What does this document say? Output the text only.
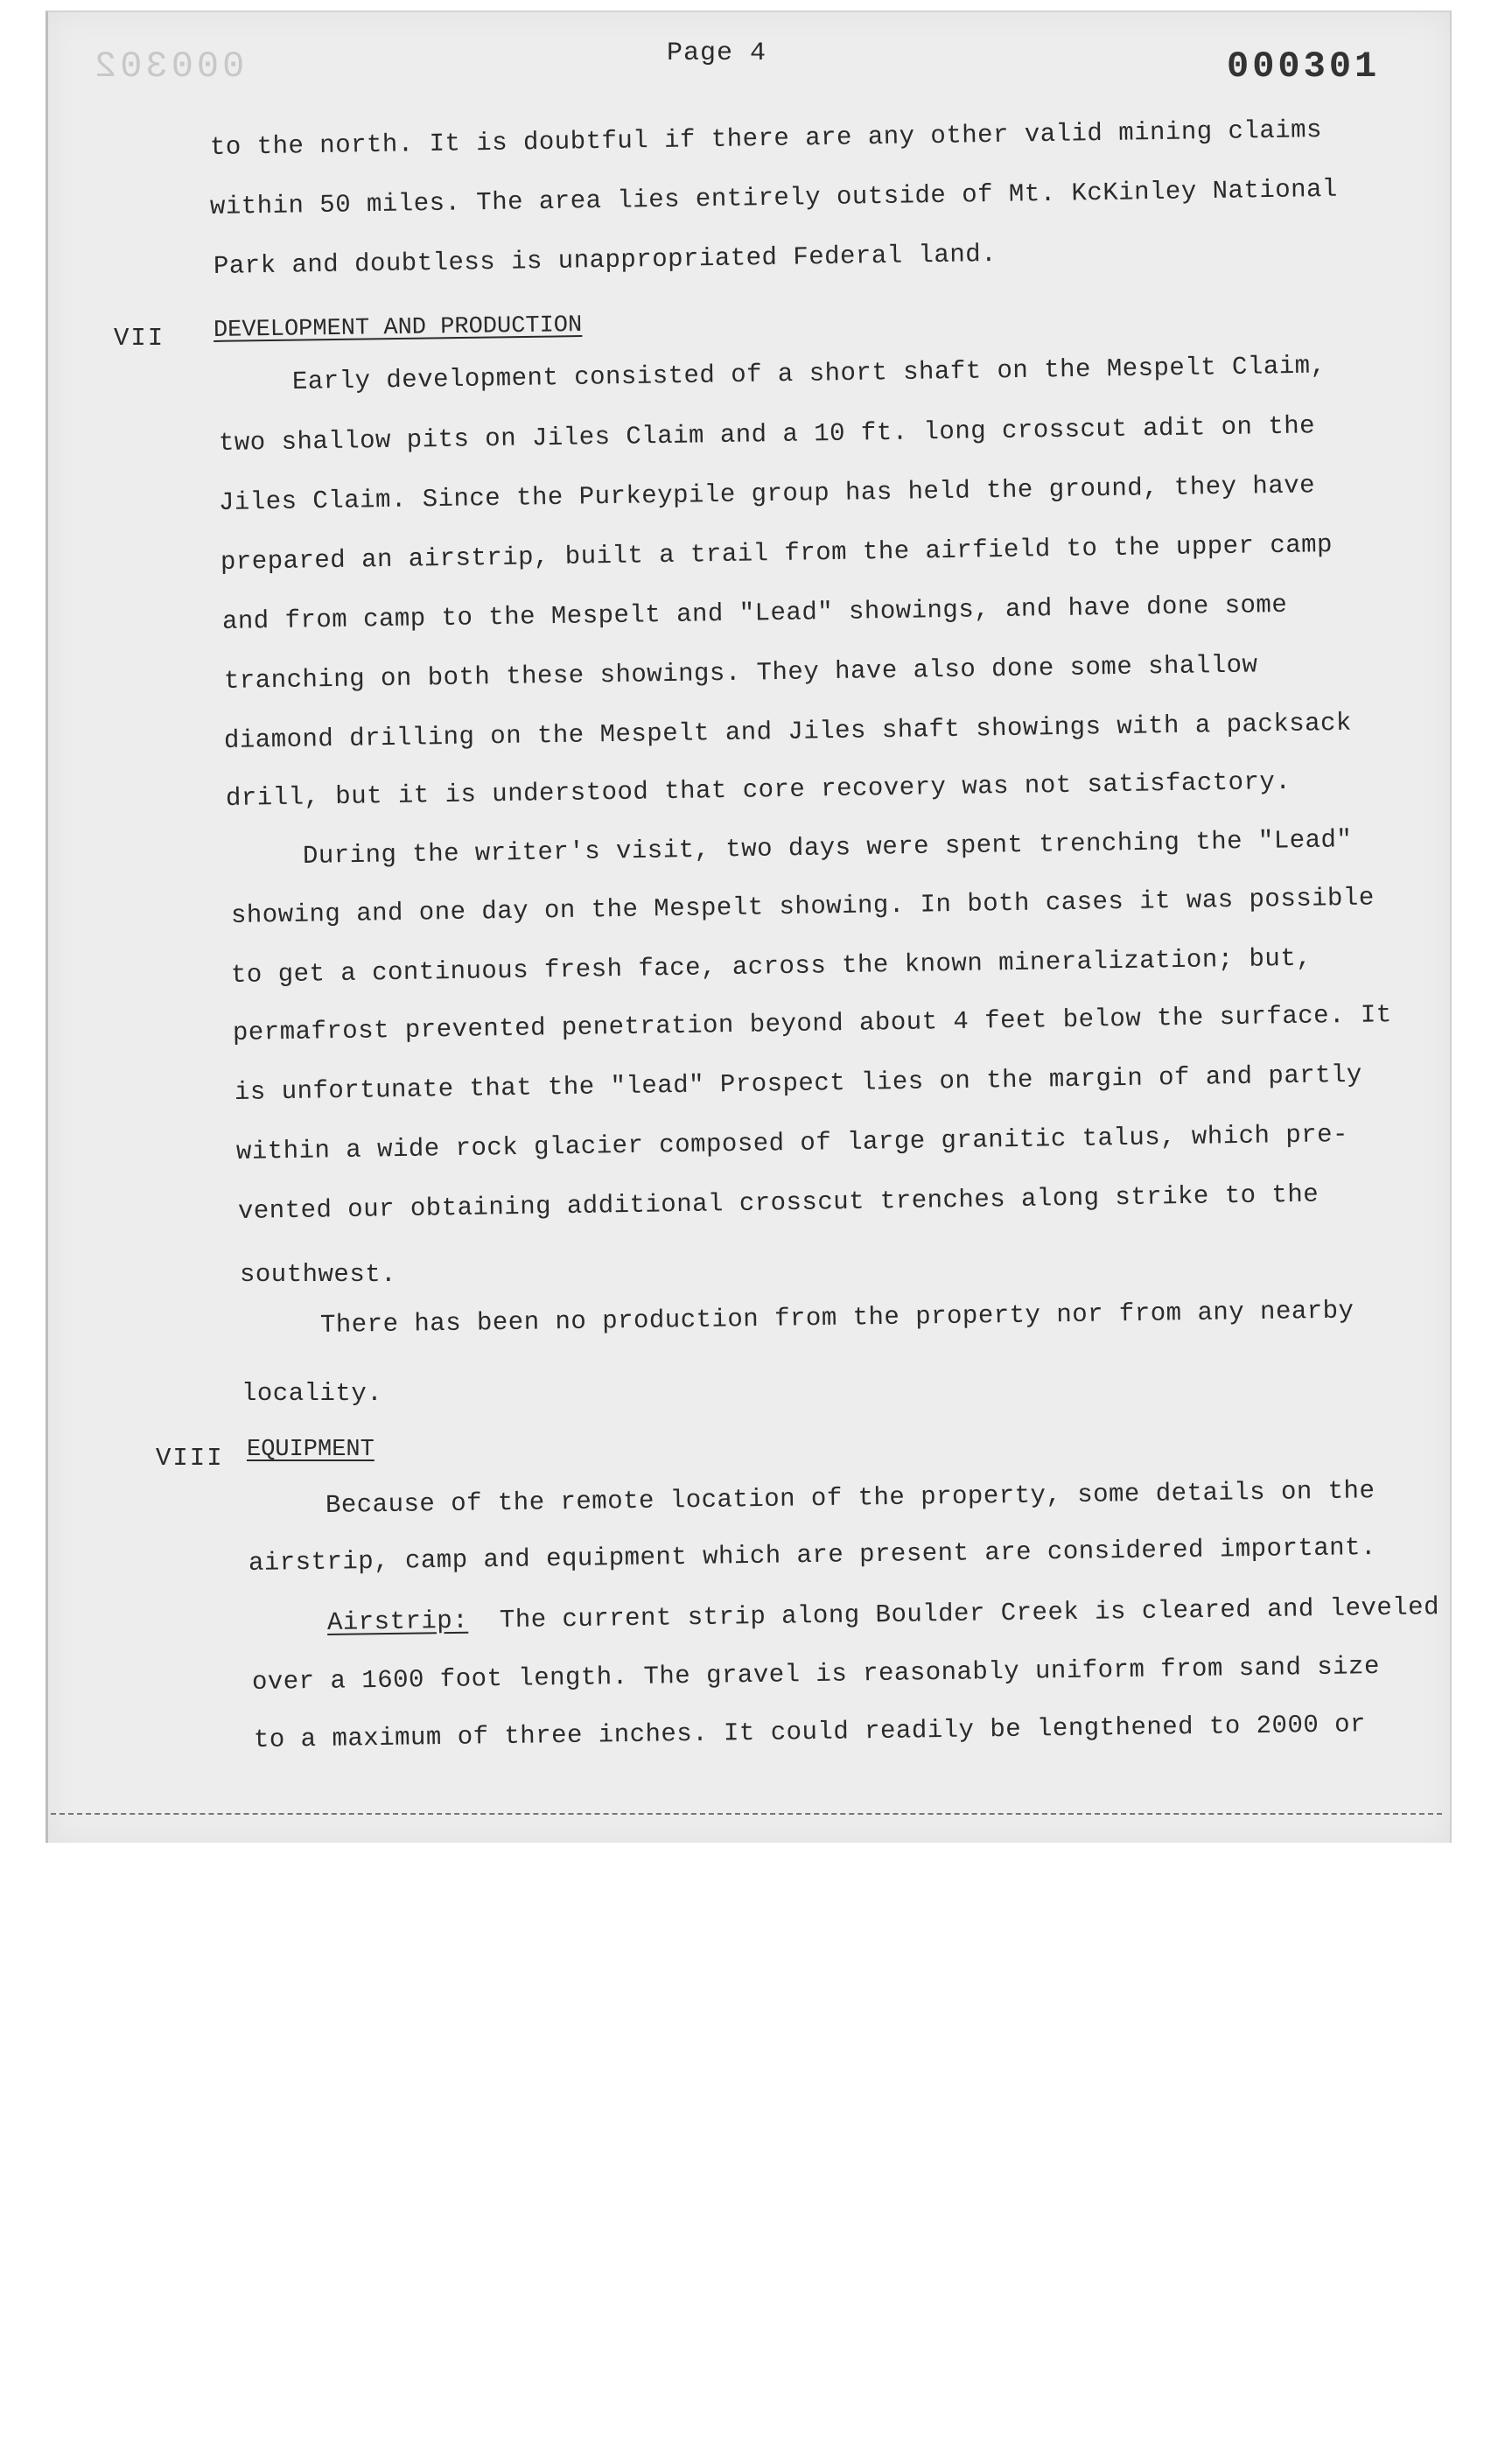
000302	Page 4	000301
to the north. It is doubtful if there are any other valid mining claims
within 50 miles. The area lies entirely outside of Mt. KcKinley National
Park and doubtless is unappropriated Federal land.
VII DEVELOPMENT AND PRODUCTION
Early development consisted of a short shaft on the Mespelt Claim,
two shallow pits on Jiles Claim and a 10 ft. long crosscut adit on the
Jiles Claim. Since the Purkeypile group has held the ground, they have
prepared an airstrip, built a trail from the airfield to the upper camp
and from camp to the Mespelt and "Lead" showings, and have done some
tranching on both these showings. They have also done some shallow
diamond drilling on the Mespelt and Jiles shaft showings with a packsack
drill, but it is understood that core recovery was not satisfactory.
During the writer's visit, two days were spent trenching the "Lead"
showing and one day on the Mespelt showing. In both cases it was possible
to get a continuous fresh face, across the known mineralization; but,
permafrost prevented penetration beyond about 4 feet below the surface. It
is unfortunate that the "lead" Prospect lies on the margin of and partly
within a wide rock glacier composed of large granitic talus, which pre-
vented our obtaining additional crosscut trenches along strike to the
southwest.
There has been no production from the property nor from any nearby
locality.
VIII EQUIPMENT
Because of the remote location of the property, some details on the
airstrip, camp and equipment which are present are considered important.
Airstrip: The current strip along Boulder Creek is cleared and leveled
over a 1600 foot length. The gravel is reasonably uniform from sand size
to a maximum of three inches. It could readily be lengthened to 2000 or
